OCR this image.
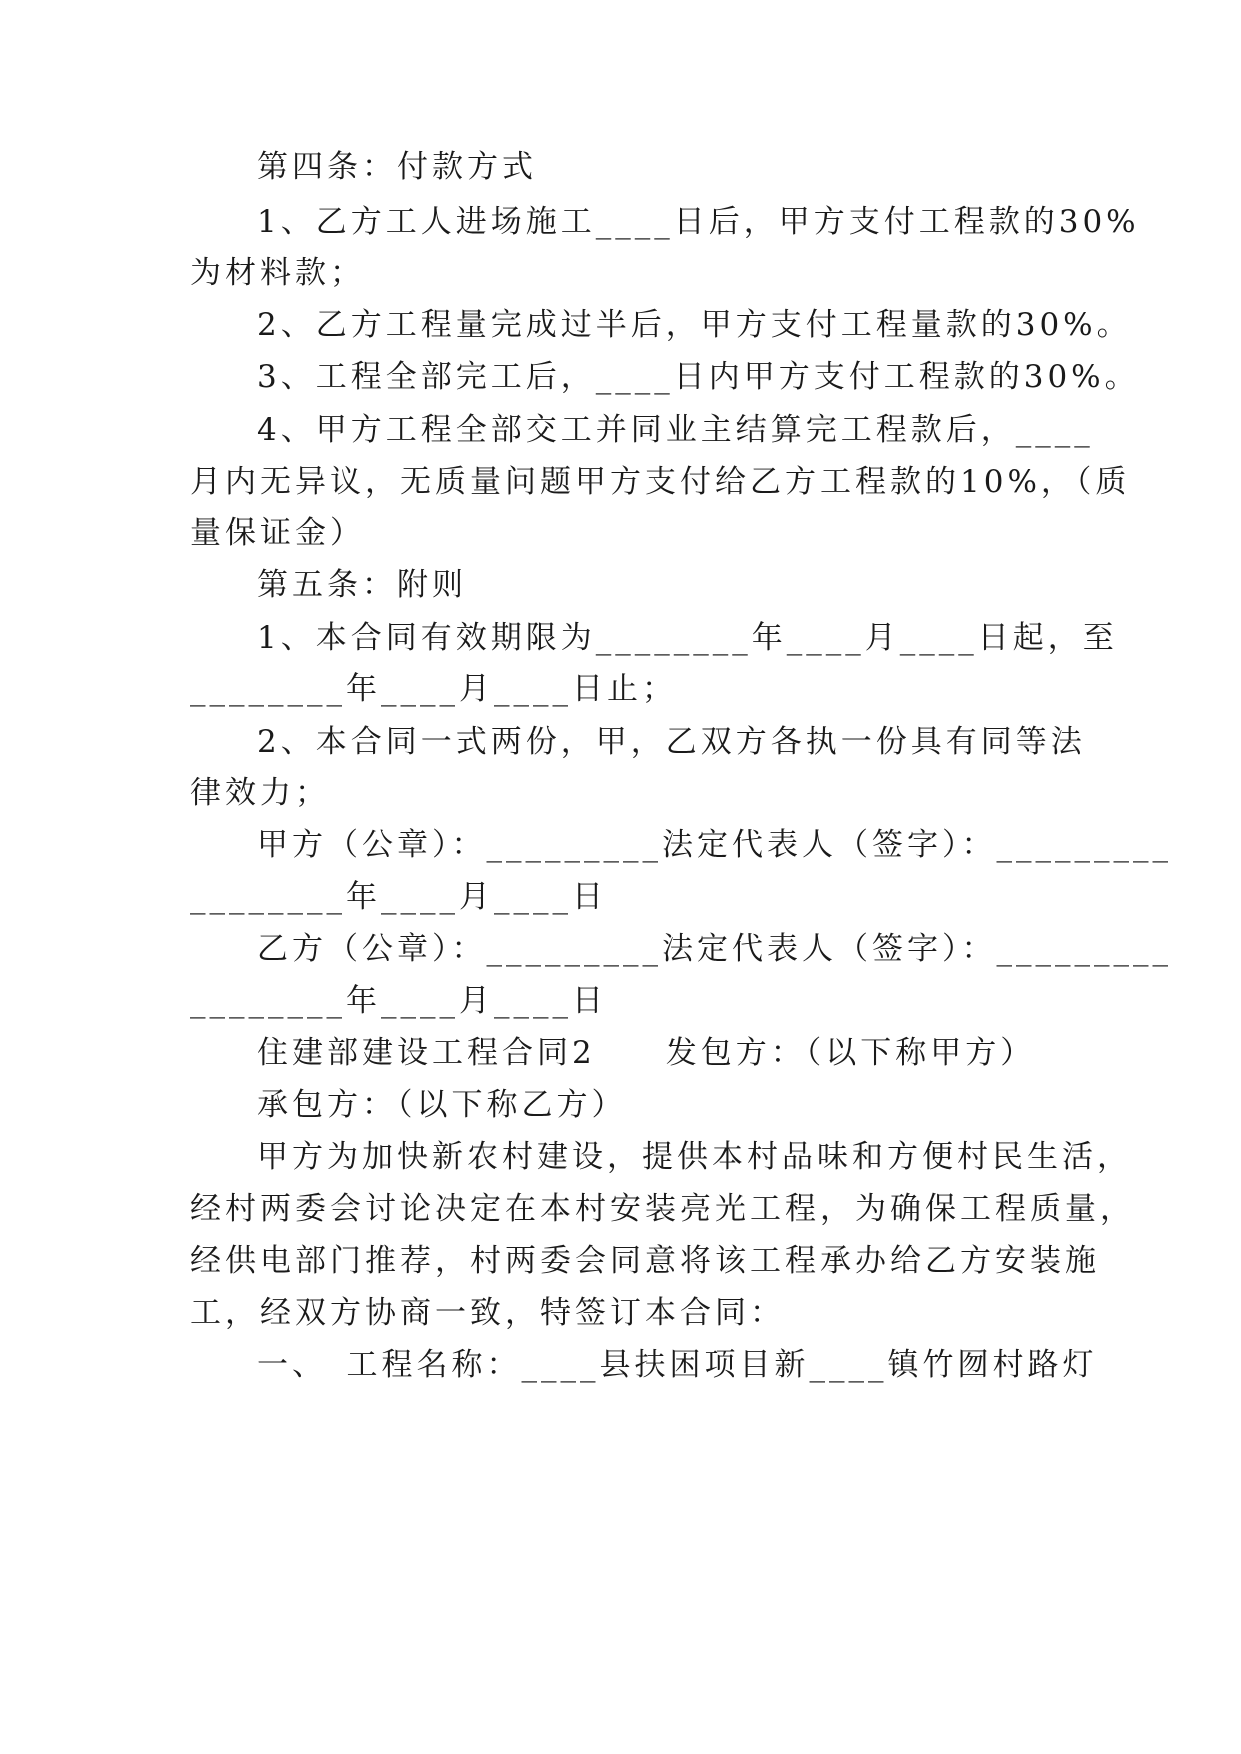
第四条：付款方式
1、乙方工人进场施工____日后，甲方支付工程款的30%
为材料款；
2、乙方工程量完成过半后，甲方支付工程量款的30%。
3、工程全部完工后，____日内甲方支付工程款的30%。
4、甲方工程全部交工并同业主结算完工程款后，____
月内无异议，无质量问题甲方支付给乙方工程款的10%，（质
量保证金）
第五条：附则
1、本合同有效期限为________年____月____日起，至
________年____月____日止；
2、本合同一式两份，甲，乙双方各执一份具有同等法
律效力；
甲方（公章）：_________法定代表人（签字）：_________
________年____月____日
乙方（公章）：_________法定代表人（签字）：_________
________年____月____日
住建部建设工程合同2　　发包方：（以下称甲方）
承包方：（以下称乙方）
甲方为加快新农村建设，提供本村品味和方便村民生活，
经村两委会讨论决定在本村安装亮光工程，为确保工程质量，
经供电部门推荐，村两委会同意将该工程承办给乙方安装施
工，经双方协商一致，特签订本合同：
一、　工程名称：____县扶困项目新____镇竹囫村路灯
